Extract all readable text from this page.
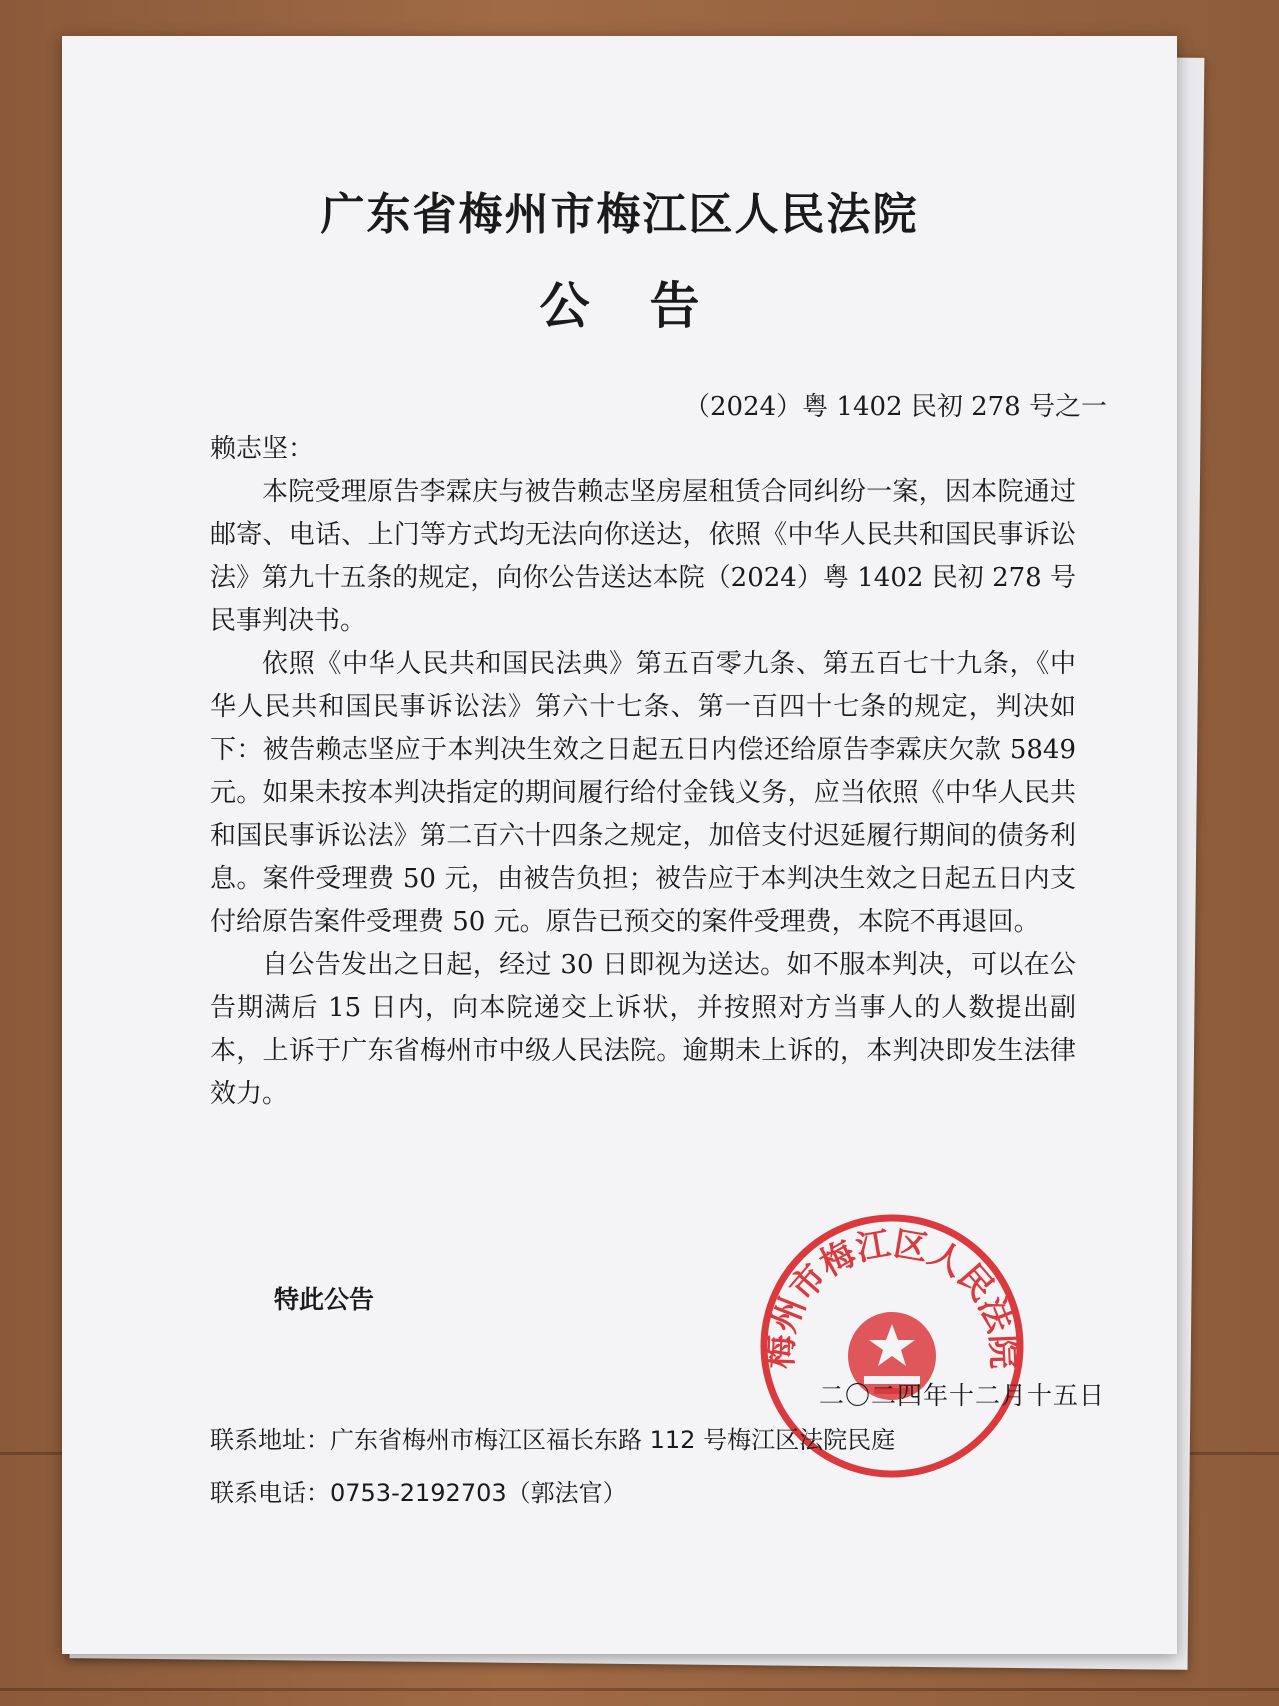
广东省梅州市梅江区人民法院
公告
（2024）粤 1402 民初 278 号之一

赖志坚：

本院受理原告李霖庆与被告赖志坚房屋租赁合同纠纷一案，因本院通过邮寄、电话、上门等方式均无法向你送达，依照《中华人民共和国民事诉讼法》第九十五条的规定，向你公告送达本院（2024）粤 1402 民初 278 号民事判决书。

依照《中华人民共和国民法典》第五百零九条、第五百七十九条，《中华人民共和国民事诉讼法》第六十七条、第一百四十七条的规定，判决如下：被告赖志坚应于本判决生效之日起五日内偿还给原告李霖庆欠款 5849 元。如果未按本判决指定的期间履行给付金钱义务，应当依照《中华人民共和国民事诉讼法》第二百六十四条之规定，加倍支付迟延履行期间的债务利息。案件受理费 50 元，由被告负担；被告应于本判决生效之日起五日内支付给原告案件受理费 50 元。原告已预交的案件受理费，本院不再退回。

自公告发出之日起，经过 30 日即视为送达。如不服本判决，可以在公告期满后 15 日内，向本院递交上诉状，并按照对方当事人的人数提出副本，上诉于广东省梅州市中级人民法院。逾期未上诉的，本判决即发生法律效力。

特此公告
梅州市梅江区人民法院
二〇二四年十二月十五日
联系地址：广东省梅州市梅江区福长东路 112 号梅江区法院民庭
联系电话：0753-2192703（郭法官）
